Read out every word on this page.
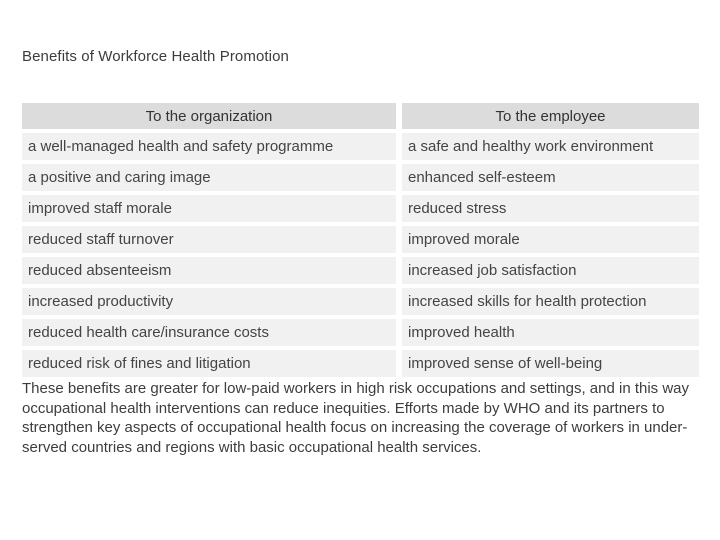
Benefits of Workforce Health Promotion
To the organization	To the employee
a well-managed health and safety programme	a safe and healthy work environment
a positive and caring image	enhanced self-esteem
improved staff morale	reduced stress
reduced staff turnover	improved morale
reduced absenteeism	increased job satisfaction
increased productivity	increased skills for health protection
reduced health care/insurance costs	improved health
reduced risk of fines and litigation	improved sense of well-being

These benefits are greater for low-paid workers in high risk occupations and settings, and in this way occupational health interventions can reduce inequities. Efforts made by WHO and its partners to strengthen key aspects of occupational health focus on increasing the coverage of workers in under-served countries and regions with basic occupational health services.
